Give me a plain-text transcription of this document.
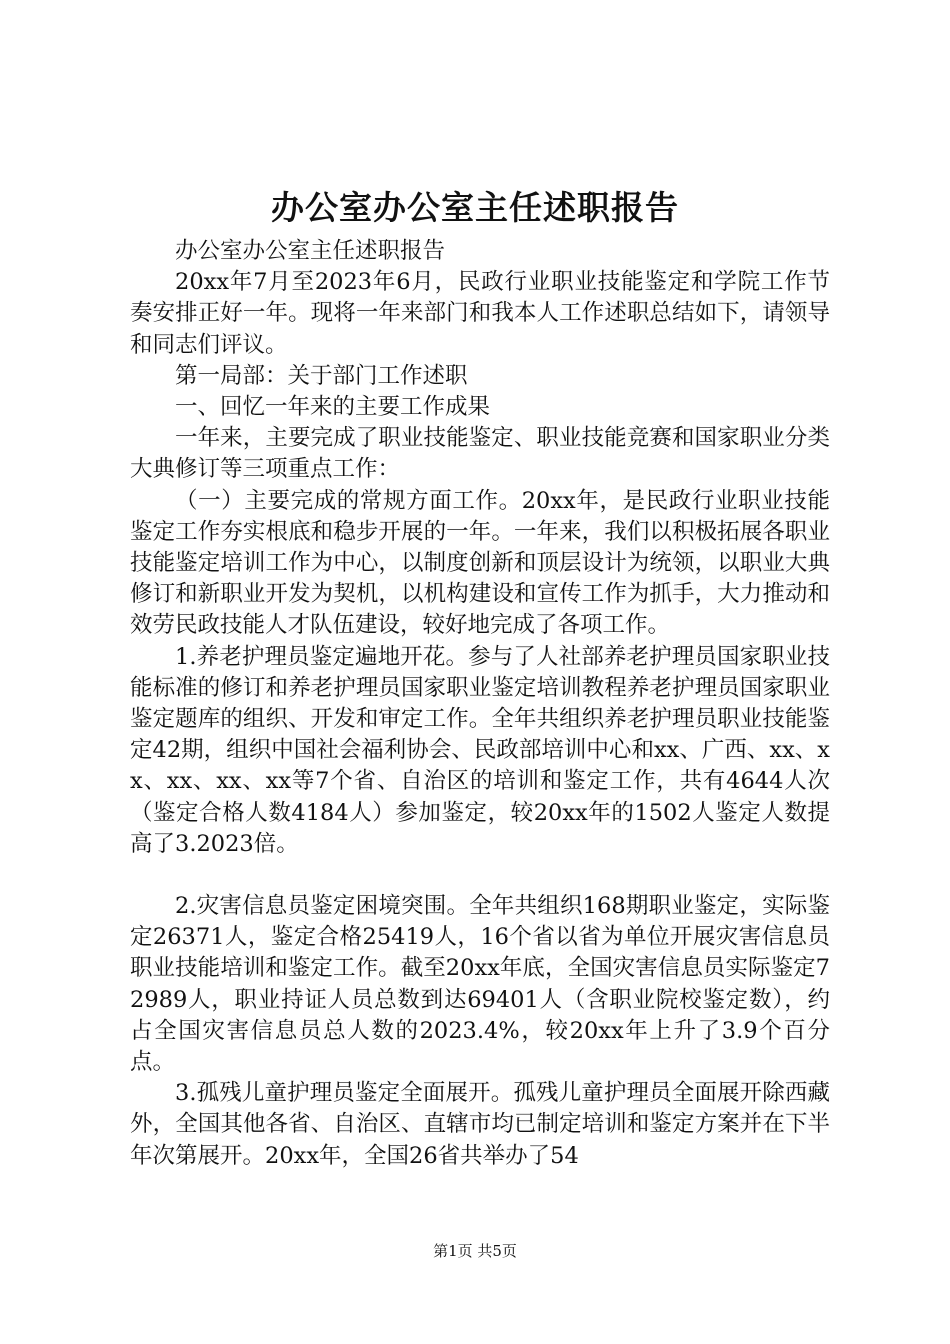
办公室办公室主任述职报告

办公室办公室主任述职报告

20xx年7月至2023年6月，民政行业职业技能鉴定和学院工作节奏安排正好一年。现将一年来部门和我本人工作述职总结如下，请领导和同志们评议。

第一局部：关于部门工作述职

一、回忆一年来的主要工作成果

一年来，主要完成了职业技能鉴定、职业技能竞赛和国家职业分类大典修订等三项重点工作：

（一）主要完成的常规方面工作。20xx年，是民政行业职业技能鉴定工作夯实根底和稳步开展的一年。一年来，我们以积极拓展各职业技能鉴定培训工作为中心，以制度创新和顶层设计为统领，以职业大典修订和新职业开发为契机，以机构建设和宣传工作为抓手，大力推动和效劳民政技能人才队伍建设，较好地完成了各项工作。

1.养老护理员鉴定遍地开花。参与了人社部养老护理员国家职业技能标准的修订和养老护理员国家职业鉴定培训教程养老护理员国家职业鉴定题库的组织、开发和审定工作。全年共组织养老护理员职业技能鉴定42期，组织中国社会福利协会、民政部培训中心和xx、广西、xx、xx、xx、xx、xx等7个省、自治区的培训和鉴定工作，共有4644人次（鉴定合格人数4184人）参加鉴定，较20xx年的1502人鉴定人数提高了3.2023倍。

2.灾害信息员鉴定困境突围。全年共组织168期职业鉴定，实际鉴定26371人，鉴定合格25419人，16个省以省为单位开展灾害信息员职业技能培训和鉴定工作。截至20xx年底，全国灾害信息员实际鉴定72989人，职业持证人员总数到达69401人（含职业院校鉴定数），约占全国灾害信息员总人数的2023.4%，较20xx年上升了3.9个百分点。

3.孤残儿童护理员鉴定全面展开。孤残儿童护理员全面展开除西藏外，全国其他各省、自治区、直辖市均已制定培训和鉴定方案并在下半年次第展开。20xx年，全国26省共举办了54

第1页 共5页
